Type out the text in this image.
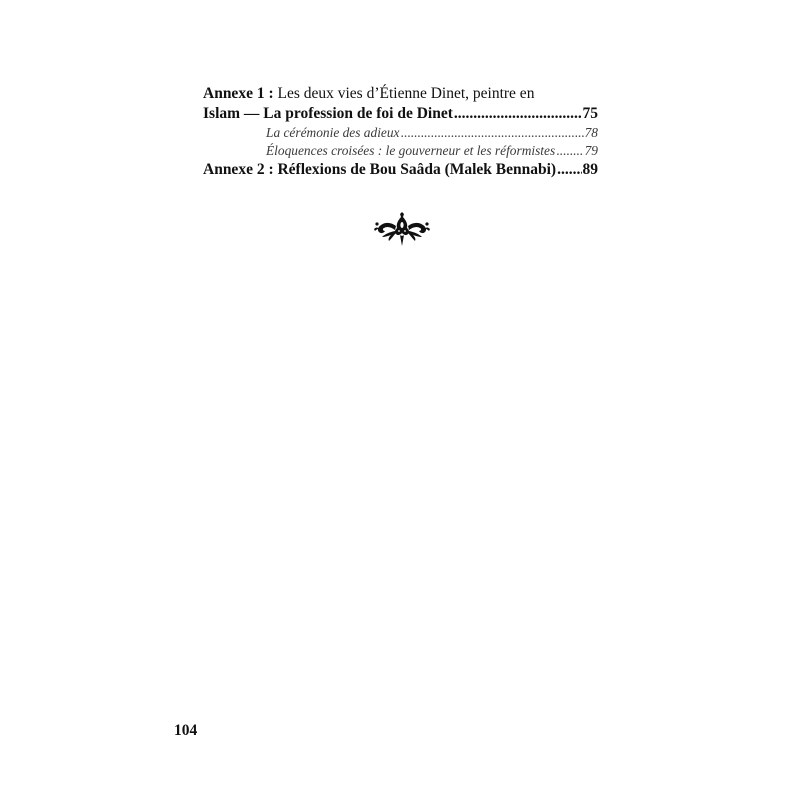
Annexe 1 : Les deux vies d’Étienne Dinet, peintre en
Islam — La profession de foi de Dinet .....	75
La cérémonie des adieux .....	78
Éloquences croisées : le gouverneur et les réformistes ..... 79
Annexe 2 : Réflexions de Bou Saâda (Malek Bennabi) ..... 89
104
